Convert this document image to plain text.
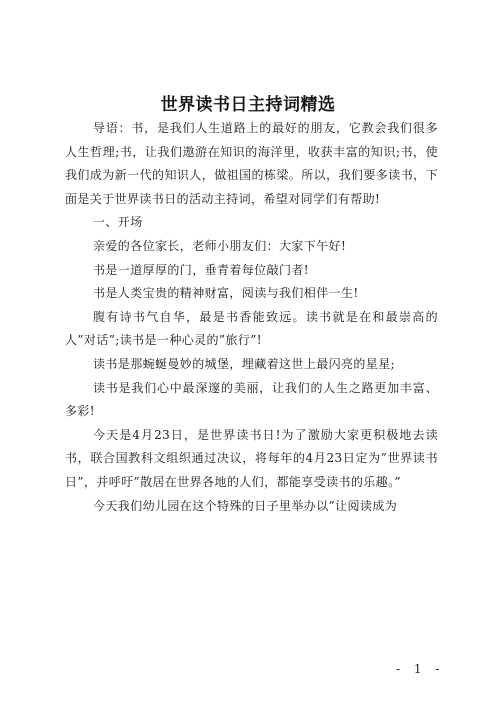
世界读书日主持词精选

导语：书，是我们人生道路上的最好的朋友，它教会我们很多人生哲理;书，让我们遨游在知识的海洋里，收获丰富的知识;书，使我们成为新一代的知识人，做祖国的栋梁。所以，我们要多读书，下面是关于世界读书日的活动主持词，希望对同学们有帮助!

一、开场

亲爱的各位家长，老师小朋友们：大家下午好!

书是一道厚厚的门，垂青着每位敲门者!

书是人类宝贵的精神财富，阅读与我们相伴一生!

腹有诗书气自华，最是书香能致远。读书就是在和最崇高的人”对话”;读书是一种心灵的”旅行”!

读书是那蜿蜒曼妙的城堡，埋藏着这世上最闪亮的星星;

读书是我们心中最深邃的美丽，让我们的人生之路更加丰富、多彩!

今天是4月23日，是世界读书日!为了激励大家更积极地去读书，联合国教科文组织通过决议，将每年的4月23日定为”世界读书日”，并呼吁”散居在世界各地的人们，都能享受读书的乐趣。”

今天我们幼儿园在这个特殊的日子里举办以”让阅读成为

- 1 -
